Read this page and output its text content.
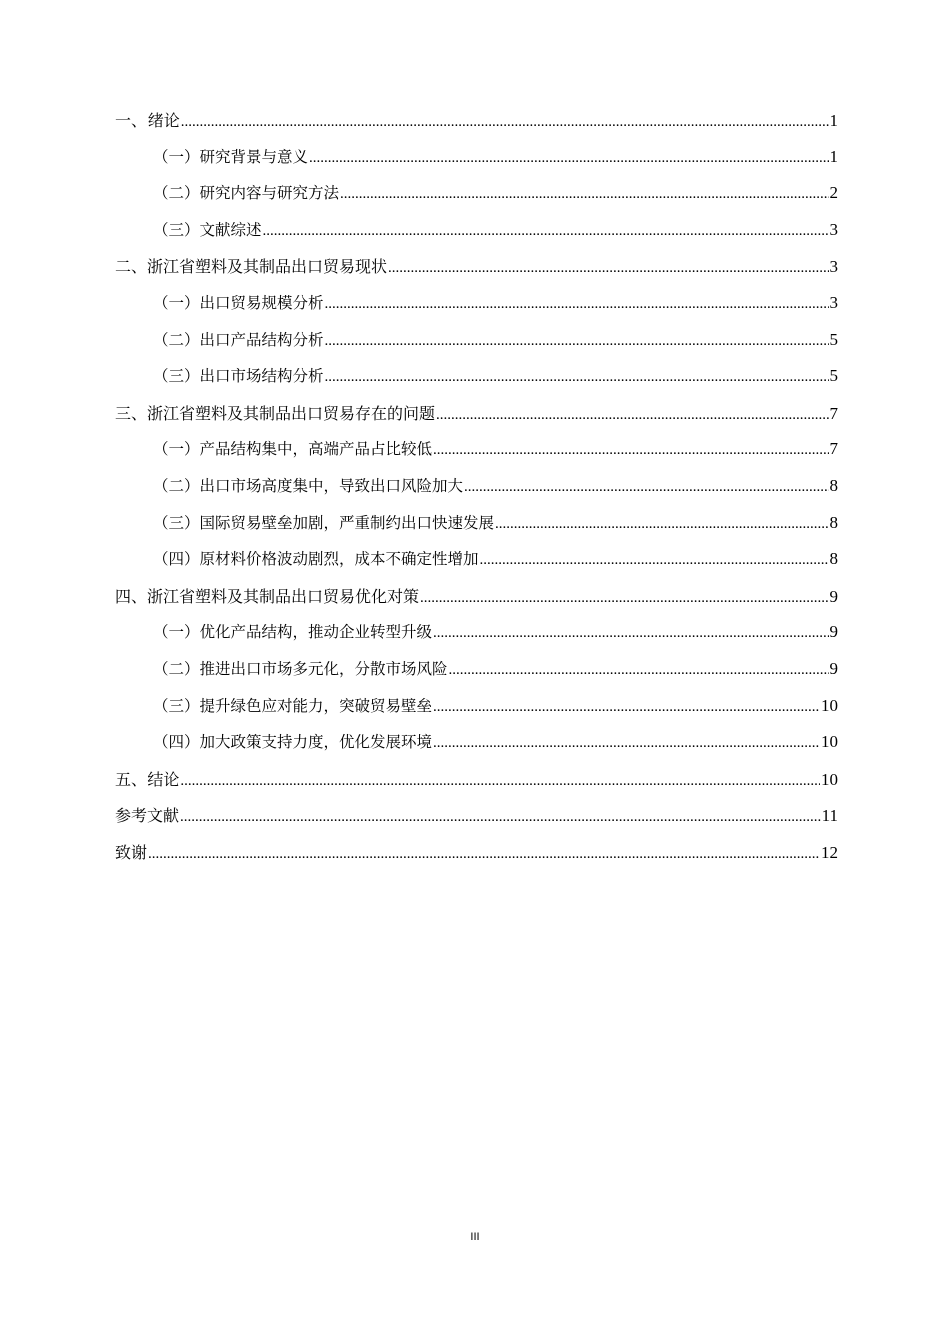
一、 绪论 .....	1
（一） 研究背景与意义 .....	1
（二） 研究内容与研究方法 .....	2
（三） 文献综述 .....	3
二、 浙江省塑料及其制品出口贸易现状 .....	3
（一） 出口贸易规模分析 .....	3
（二） 出口产品结构分析 .....	5
（三） 出口市场结构分析 .....	5
三、 浙江省塑料及其制品出口贸易存在的问题 .....	7
（一） 产品结构集中，高端产品占比较低 .....	7
（二） 出口市场高度集中，导致出口风险加大 .....	8
（三） 国际贸易壁垒加剧，严重制约出口快速发展 .....	8
（四） 原材料价格波动剧烈，成本不确定性增加 .....	8
四、 浙江省塑料及其制品出口贸易优化对策 .....	9
（一） 优化产品结构，推动企业转型升级 .....	9
（二） 推进出口市场多元化，分散市场风险 .....	9
（三） 提升绿色应对能力，突破贸易壁垒 .....	10
（四） 加大政策支持力度，优化发展环境 .....	10
五、 结论 .....	10
参考文献 .....	11
致谢 .....	12
III
